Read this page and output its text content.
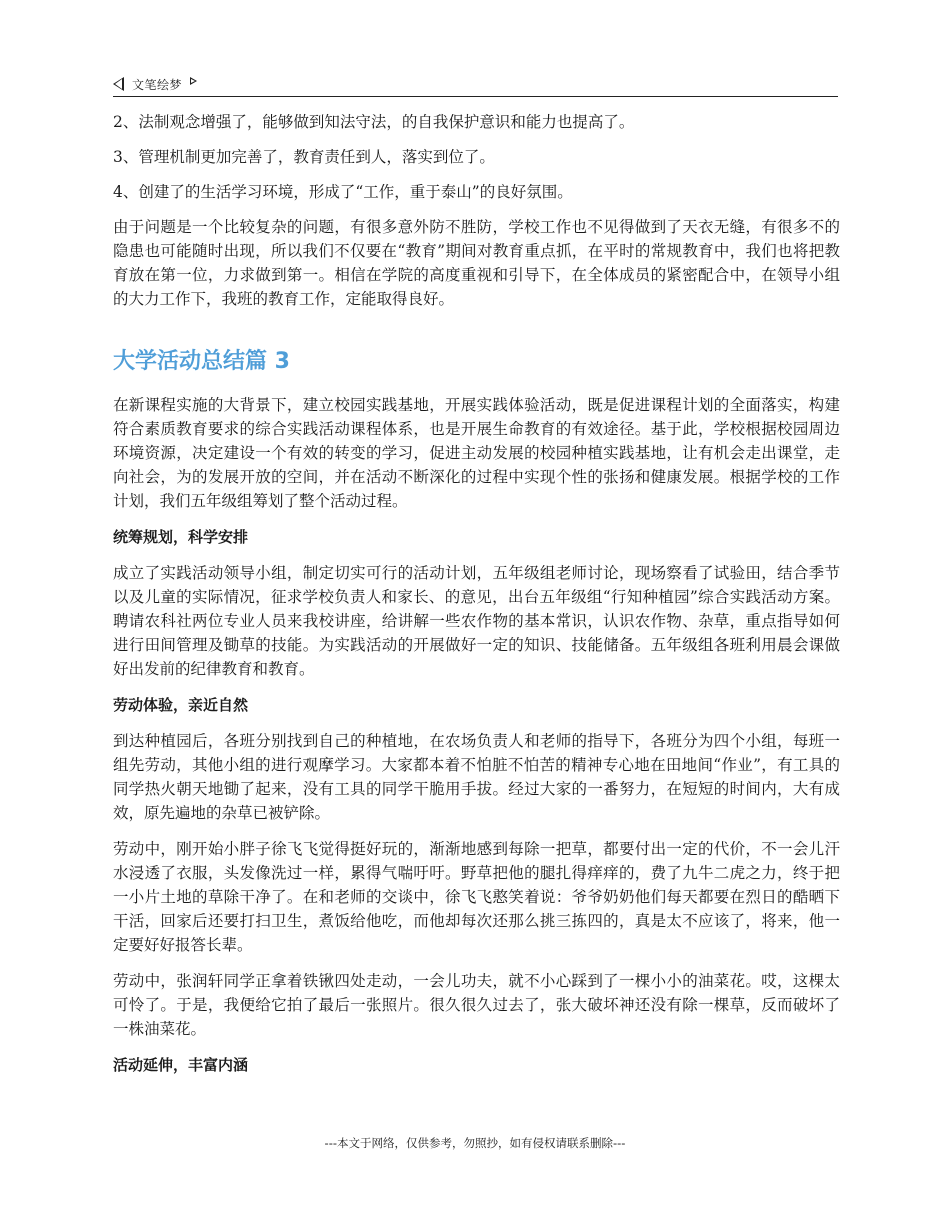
文笔绘梦

2、法制观念增强了，能够做到知法守法，的自我保护意识和能力也提高了。

3、管理机制更加完善了，教育责任到人，落实到位了。

4、创建了的生活学习环境，形成了“工作，重于泰山”的良好氛围。

由于问题是一个比较复杂的问题，有很多意外防不胜防，学校工作也不见得做到了天衣无缝，有很多不的隐患也可能随时出现，所以我们不仅要在“教育”期间对教育重点抓，在平时的常规教育中，我们也将把教育放在第一位，力求做到第一。相信在学院的高度重视和引导下，在全体成员的紧密配合中，在领导小组的大力工作下，我班的教育工作，定能取得良好。

大学活动总结篇 3

在新课程实施的大背景下，建立校园实践基地，开展实践体验活动，既是促进课程计划的全面落实，构建符合素质教育要求的综合实践活动课程体系，也是开展生命教育的有效途径。基于此，学校根据校园周边环境资源，决定建设一个有效的转变的学习，促进主动发展的校园种植实践基地，让有机会走出课堂，走向社会，为的发展开放的空间，并在活动不断深化的过程中实现个性的张扬和健康发展。根据学校的工作计划，我们五年级组筹划了整个活动过程。

统筹规划，科学安排

成立了实践活动领导小组，制定切实可行的活动计划，五年级组老师讨论，现场察看了试验田，结合季节以及儿童的实际情况，征求学校负责人和家长、的意见，出台五年级组“行知种植园”综合实践活动方案。聘请农科社两位专业人员来我校讲座，给讲解一些农作物的基本常识，认识农作物、杂草，重点指导如何进行田间管理及锄草的技能。为实践活动的开展做好一定的知识、技能储备。五年级组各班利用晨会课做好出发前的纪律教育和教育。

劳动体验，亲近自然

到达种植园后，各班分别找到自己的种植地，在农场负责人和老师的指导下，各班分为四个小组，每班一组先劳动，其他小组的进行观摩学习。大家都本着不怕脏不怕苦的精神专心地在田地间“作业”，有工具的同学热火朝天地锄了起来，没有工具的同学干脆用手拔。经过大家的一番努力，在短短的时间内，大有成效，原先遍地的杂草已被铲除。

劳动中，刚开始小胖子徐飞飞觉得挺好玩的，渐渐地感到每除一把草，都要付出一定的代价，不一会儿汗水浸透了衣服，头发像洗过一样，累得气喘吁吁。野草把他的腿扎得痒痒的，费了九牛二虎之力，终于把一小片土地的草除干净了。在和老师的交谈中，徐飞飞憨笑着说：爷爷奶奶他们每天都要在烈日的酷晒下干活，回家后还要打扫卫生，煮饭给他吃，而他却每次还那么挑三拣四的，真是太不应该了，将来，他一定要好好报答长辈。

劳动中，张润轩同学正拿着铁锹四处走动，一会儿功夫，就不小心踩到了一棵小小的油菜花。哎，这棵太可怜了。于是，我便给它拍了最后一张照片。很久很久过去了，张大破坏神还没有除一棵草，反而破坏了一株油菜花。

活动延伸，丰富内涵
---本文于网络，仅供参考，勿照抄，如有侵权请联系删除---
